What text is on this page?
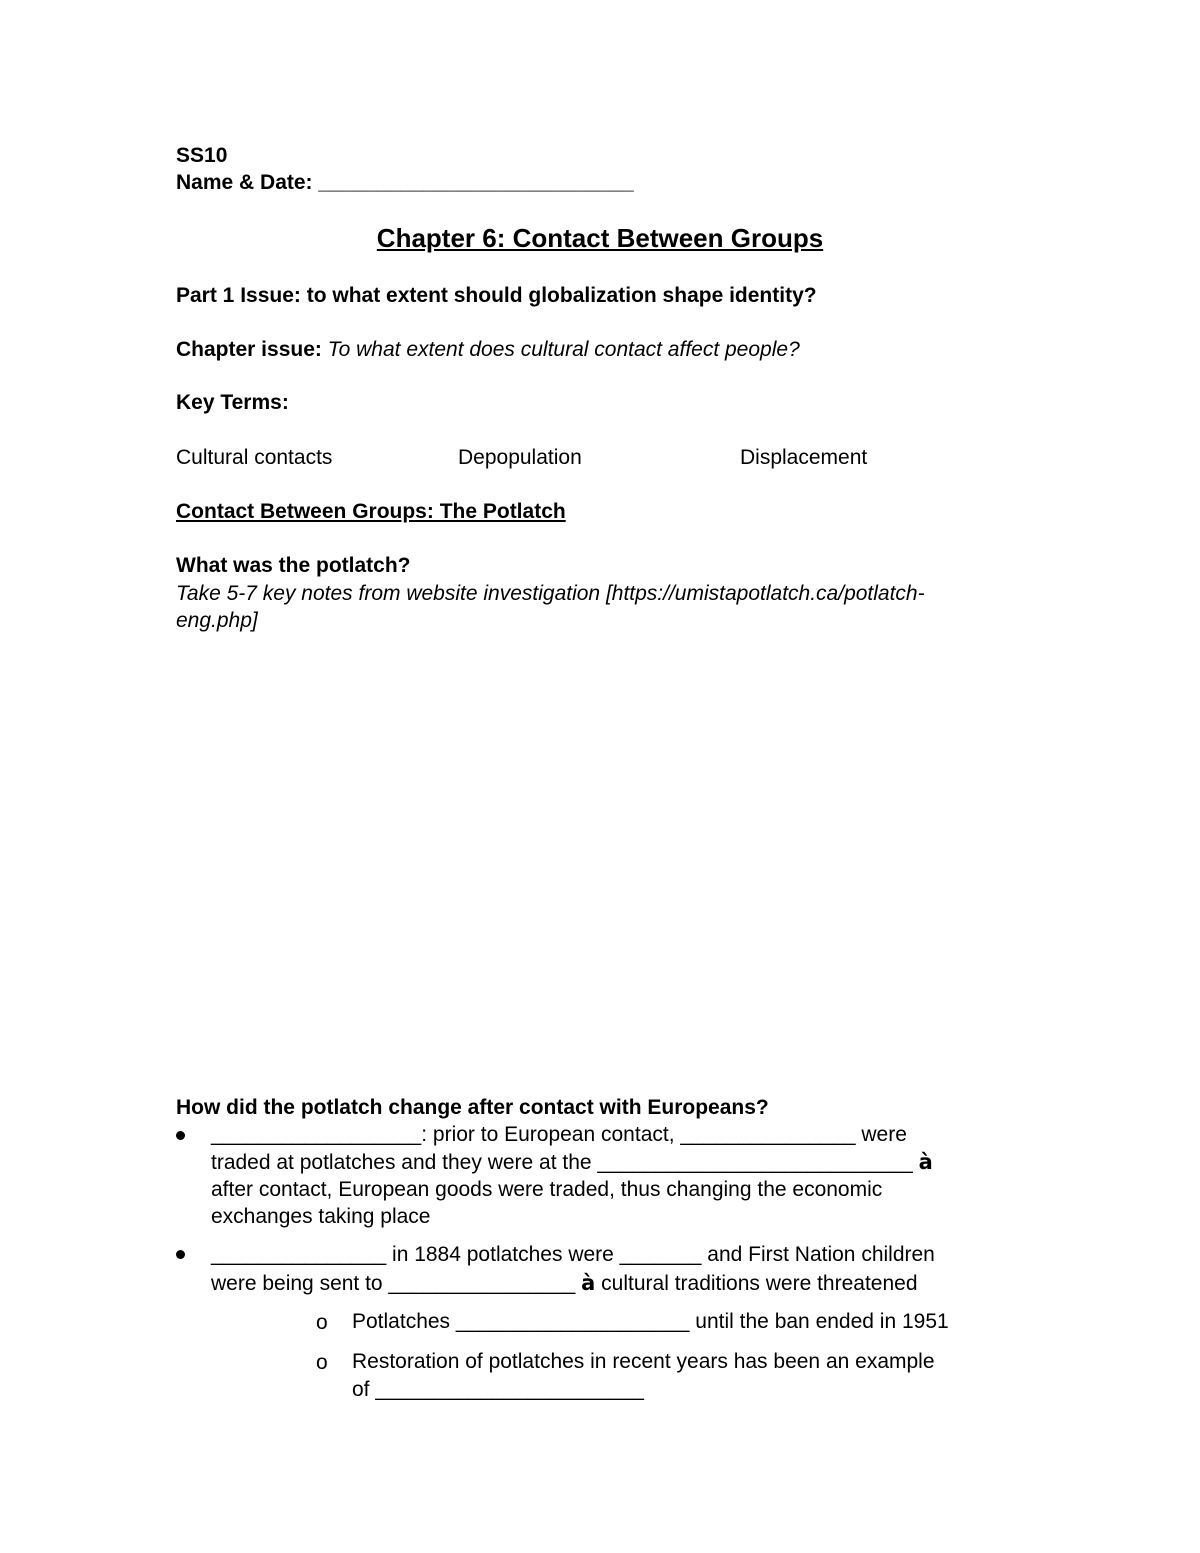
SS10
Name & Date: ___________________________
Chapter 6: Contact Between Groups
Part 1 Issue: to what extent should globalization shape identity?
Chapter issue: To what extent does cultural contact affect people?
Key Terms:
Cultural contacts	Depopulation	Displacement
Contact Between Groups: The Potlatch
What was the potlatch?
Take 5-7 key notes from website investigation [https://umistapotlatch.ca/potlatch-
eng.php]
How did the potlatch change after contact with Europeans?
__________________: prior to European contact, _______________ were
traded at potlatches and they were at the ___________________________ à
after contact, European goods were traded, thus changing the economic
exchanges taking place
_______________ in 1884 potlatches were _______ and First Nation children
were being sent to ________________ à cultural traditions were threatened
o Potlatches ____________________ until the ban ended in 1951
o Restoration of potlatches in recent years has been an example
of _______________________
